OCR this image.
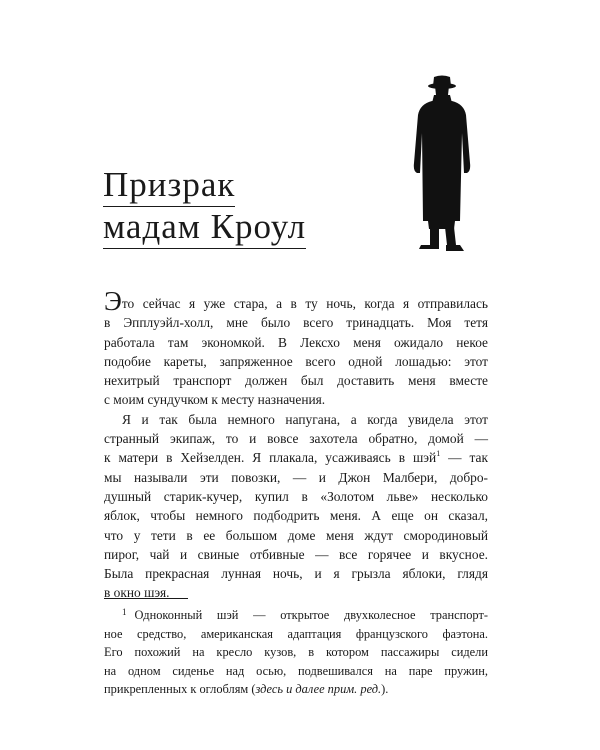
Призрак
мадам Кроул
Это сейчас я уже стара, а в ту ночь, когда я отправилась
в Эпплуэйл-холл, мне было всего тринадцать. Моя тетя
работала там экономкой. В Лексхо меня ожидало некое
подобие кареты, запряженное всего одной лошадью: этот
нехитрый транспорт должен был доставить меня вместе
с моим сундучком к месту назначения.
Я и так была немного напугана, а когда увидела этот
странный экипаж, то и вовсе захотела обратно, домой —
к матери в Хейзелден. Я плакала, усаживаясь в шэй$^1$ — так
мы называли эти повозки, — и Джон Малбери, добро-
душный старик-кучер, купил в «Золотом льве» несколько
яблок, чтобы немного подбодрить меня. А еще он сказал,
что у тети в ее большом доме меня ждут смородиновый
пирог, чай и свиные отбивные — все горячее и вкусное.
Была прекрасная лунная ночь, и я грызла яблоки, глядя
в окно шэя.
$^1$ Одноконный шэй — открытое двухколесное транспорт-
ное средство, американская адаптация французского фаэтона.
Его похожий на кресло кузов, в котором пассажиры сидели
на одном сиденье над осью, подвешивался на паре пружин,
прикрепленных к оглоблям (здесь и далее прим. ред.).
